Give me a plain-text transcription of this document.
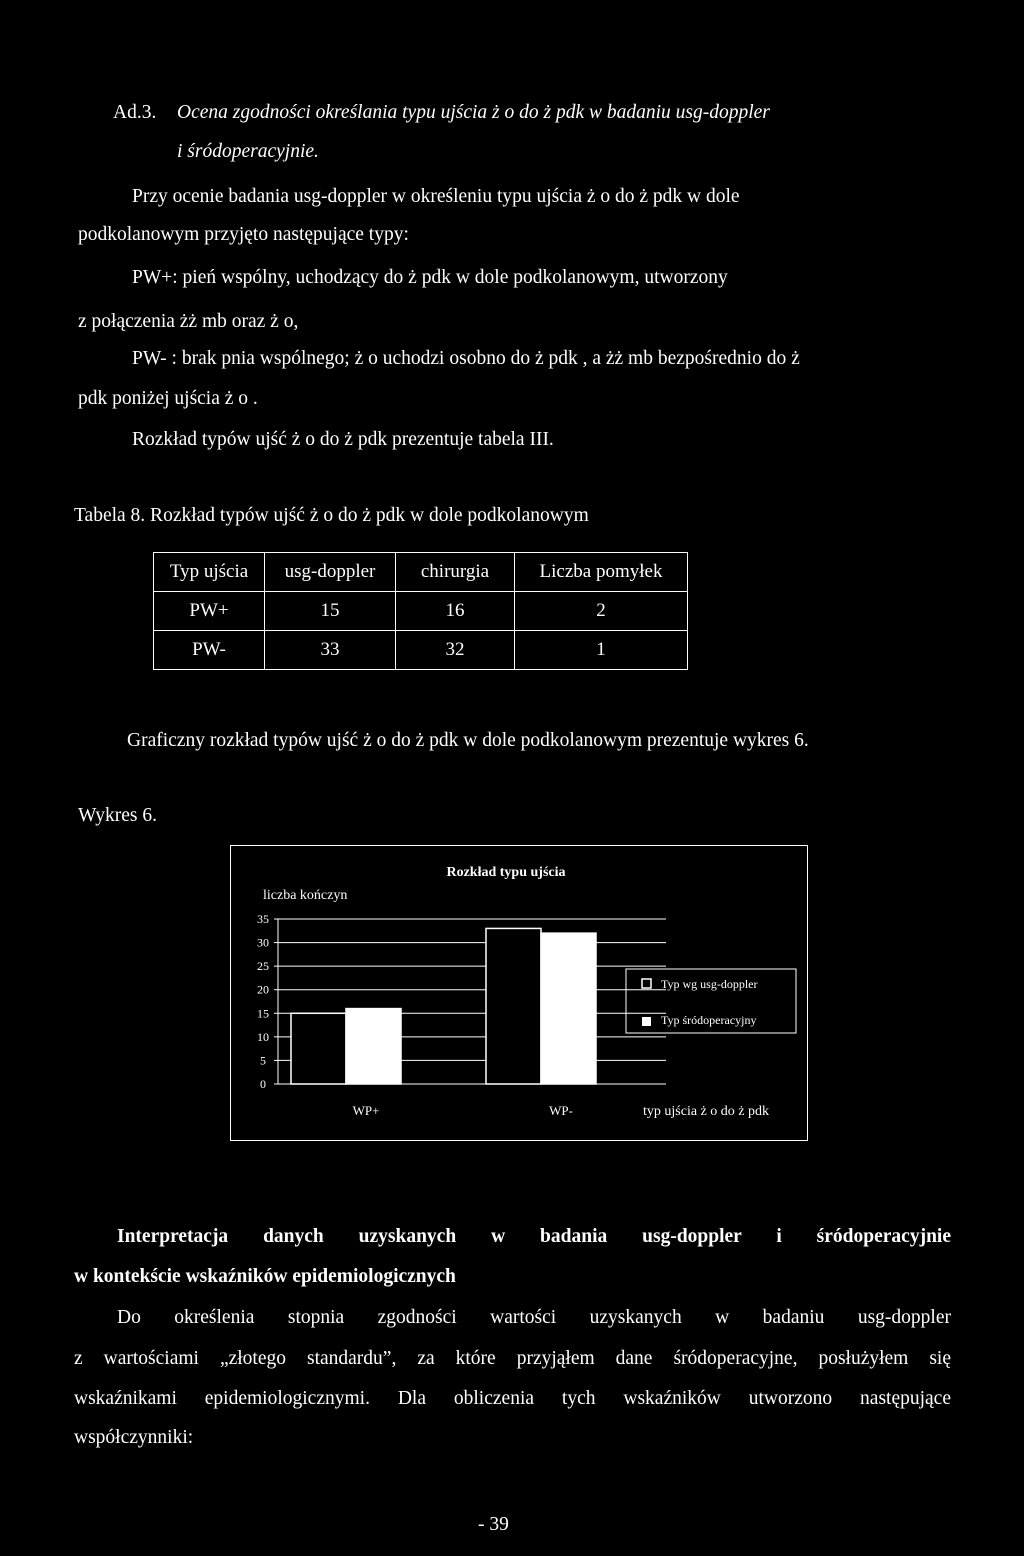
Ad.3. Ocena zgodności określania typu ujścia ż o do ż pdk w badaniu usg-doppler
i śródoperacyjnie.
Przy ocenie badania usg-doppler w określeniu typu ujścia ż o do ż pdk w dole
podkolanowym przyjęto następujące typy:
PW+: pień wspólny, uchodzący do ż pdk w dole podkolanowym, utworzony
z połączenia żż mb oraz ż o,
PW- : brak pnia wspólnego; ż o uchodzi osobno do ż pdk , a żż mb bezpośrednio do ż
pdk poniżej ujścia ż o .
Rozkład typów ujść ż o do ż pdk prezentuje tabela III.
Tabela 8. Rozkład typów ujść ż o do ż pdk w dole podkolanowym
Typ ujścia	usg-doppler	chirurgia	Liczba pomyłek
PW+	15	16	2
PW-	33	32	1
Graficzny rozkład typów ujść ż o do ż pdk w dole podkolanowym prezentuje wykres 6.
Wykres 6.
Rozkład typu ujścia
liczba kończyn
typ ujścia ż o do ż pdk
0
5
10
15
20
25
30
35
WP+	WP-
Typ wg usg-doppler
Typ śródoperacyjny
Interpretacja danych uzyskanych w badania usg-doppler i śródoperacyjnie
w kontekście wskaźników epidemiologicznych
Do określenia stopnia zgodności wartości uzyskanych w badaniu usg-doppler
z wartościami „złotego standardu”, za które przyjąłem dane śródoperacyjne, posłużyłem się
wskaźnikami epidemiologicznymi. Dla obliczenia tych wskaźników utworzono następujące
współczynniki:
- 39
